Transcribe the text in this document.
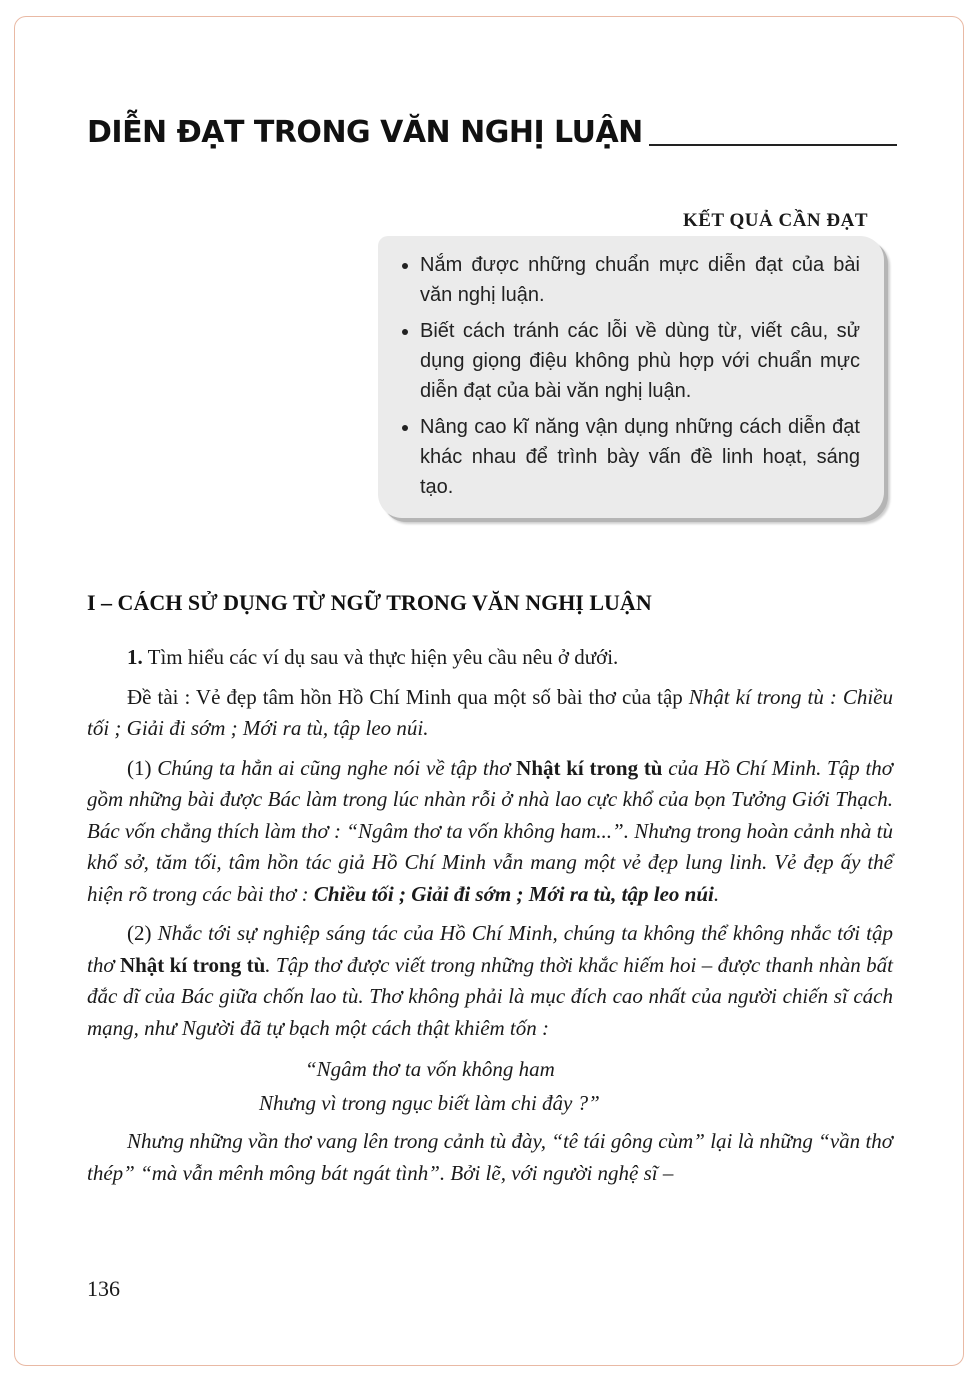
DIỄN ĐẠT TRONG VĂN NGHỊ LUẬN
KẾT QUẢ CẦN ĐẠT
Nắm được những chuẩn mực diễn đạt của bài văn nghị luận.
Biết cách tránh các lỗi về dùng từ, viết câu, sử dụng giọng điệu không phù hợp với chuẩn mực diễn đạt của bài văn nghị luận.
Nâng cao kĩ năng vận dụng những cách diễn đạt khác nhau để trình bày vấn đề linh hoạt, sáng tạo.
I – CÁCH SỬ DỤNG TỪ NGỮ TRONG VĂN NGHỊ LUẬN

1. Tìm hiểu các ví dụ sau và thực hiện yêu cầu nêu ở dưới.

Đề tài : Vẻ đẹp tâm hồn Hồ Chí Minh qua một số bài thơ của tập Nhật kí trong tù : Chiều tối ; Giải đi sớm ; Mới ra tù, tập leo núi.

(1) Chúng ta hẳn ai cũng nghe nói về tập thơ Nhật kí trong tù của Hồ Chí Minh. Tập thơ gồm những bài được Bác làm trong lúc nhàn rỗi ở nhà lao cực khổ của bọn Tưởng Giới Thạch. Bác vốn chẳng thích làm thơ : “Ngâm thơ ta vốn không ham...”. Nhưng trong hoàn cảnh nhà tù khổ sở, tăm tối, tâm hồn tác giả Hồ Chí Minh vẫn mang một vẻ đẹp lung linh. Vẻ đẹp ấy thể hiện rõ trong các bài thơ : Chiều tối ; Giải đi sớm ; Mới ra tù, tập leo núi.

(2) Nhắc tới sự nghiệp sáng tác của Hồ Chí Minh, chúng ta không thể không nhắc tới tập thơ Nhật kí trong tù. Tập thơ được viết trong những thời khắc hiếm hoi – được thanh nhàn bất đắc dĩ của Bác giữa chốn lao tù. Thơ không phải là mục đích cao nhất của người chiến sĩ cách mạng, như Người đã tự bạch một cách thật khiêm tốn :

“Ngâm thơ ta vốn không ham
Nhưng vì trong ngục biết làm chi đây ?”

Nhưng những vần thơ vang lên trong cảnh tù đày, “tê tái gông cùm” lại là những “vần thơ thép” “mà vẫn mênh mông bát ngát tình”. Bởi lẽ, với người nghệ sĩ –

136
